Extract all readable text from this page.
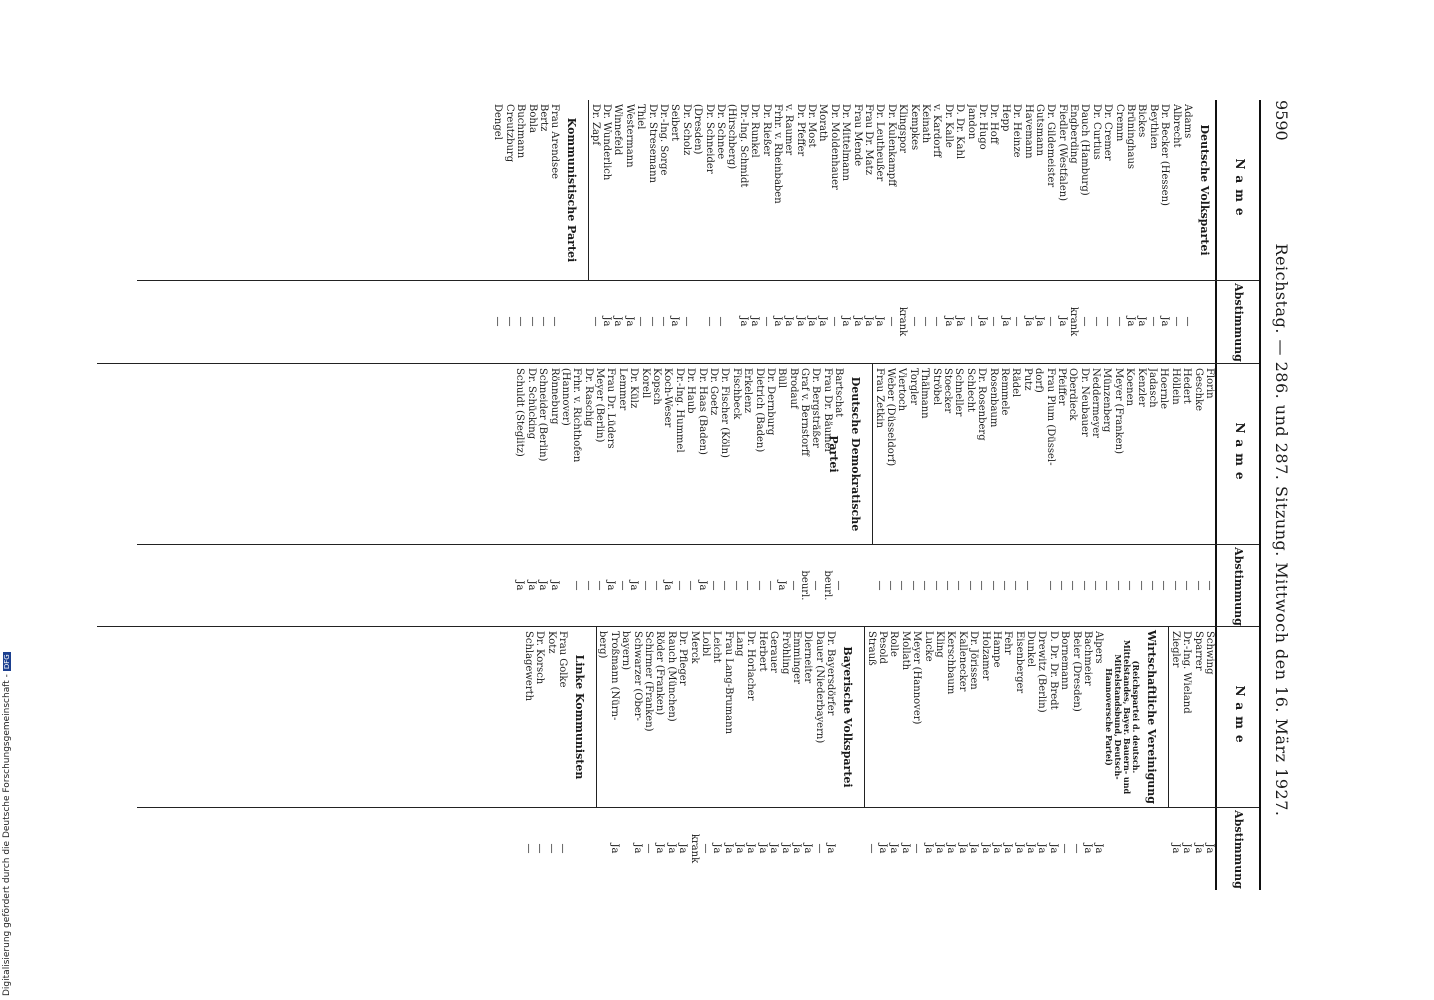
9590
Reichstag. — 286. und 287. Sitzung. Mittwoch den 16. März 1927.
Name
Abstimmung
Deutsche Volkspartei
Adams
—
Albrecht
—
Dr. Becker (Hessen)
Ja
Beythien
—
Bickes
Ja
Brüninghaus
Ja
Cremm
—
Dr. Cremer
—
Dr. Curtius
—
Dauch (Hamburg)
—
Engberding
krank
Fiedler (Westfalen)
Ja
Dr. Gildemeister
—
Gutsmann
Ja
Havemann
Ja
Dr. Heinze
—
Hepp
Ja
Dr. Hoff
—
Dr. Hugo
Ja
Jandon
—
D. Dr. Kahl
Ja
Dr. Kalle
Ja
v. Kardorff
—
Keinath
—
Kempkes
—
Klingspor
krank
Dr. Kulenkampff
—
Dr. Leutheußer
Ja
Frau Dr. Matz
Ja
Frau Mende
Ja
Dr. Mittelmann
Ja
Dr. Moldenhauer
—
Morath
Ja
Dr. Most
Ja
Dr. Pfeffer
Ja
v. Raumer
Ja
Frhr. v. Rheinbaben
Ja
Dr. Rießer
—
Dr. Runkel
Ja
Dr.-Ing. Schmidt
Ja
(Hirschberg)
Dr. Schnee
—
Dr. Schneider
—
(Dresden)
Dr. Scholz
—
Seibert
Ja
Dr.-Ing. Sorge
—
Dr. Stresemann
—
Thiel
—
Westermann
Ja
Winnefeld
Ja
Dr. Wunderlich
Ja
Dr. Zapf
—
Kommunistische Partei
Frau Arendsee
—
Bertz
—
Bohla
—
Buchmann
—
Creutzburg
—
Dengel
—
Name
Abstimmung
Florin
—
Geschke
—
Hedert
—
Höllein
—
Hoernle
—
Jadasch
—
Kenzler
—
Koenen
—
Meyer (Franken)
—
Münzenberg
—
Neddermeyer
—
Dr. Neubauer
—
Oberdieck
—
Pfeiffer
—
Frau Plum (Düssel-
—
dorf)
Putz
—
Rädel
—
Remmele
—
Rosenbaum
—
Dr. Rosenberg
—
Schlecht
—
Schneller
—
Stoecker
—
Ströbel
—
Thälmann
—
Torgler
—
Viertoch
—
Weber (Düsseldorf)
—
Frau Zetkin
—
Deutsche Demokratische Partei
Bartschat
—
Frau Dr. Bäumer
beurl.
Dr. Bergsträßer
—
Graf v. Bernstorff
beurl.
Brodauf
—
Büll
Ja
Dr. Dernburg
—
Dietrich (Baden)
—
Erkelenz
—
Fischbeck
—
Dr. Fischer (Köln)
—
Dr. Goetz
—
Dr. Haas (Baden)
Ja
Dr. Haub
—
Dr.-Ing. Hummel
—
Koch-Weser
Ja
Kopsch
—
Korell
—
Dr. Külz
Ja
Lemmer
—
Frau Dr. Lüders
Ja
Meyer (Berlin)
—
Dr. Raschig
—
Frhr. v. Richthofen
—
(Hannover)
Rönneburg
Ja
Schneider (Berlin)
Ja
Dr. Schücking
Ja
Schuldt (Steglitz)
Ja
Name
Abstimmung
Schwing
Ja
Sparrer
Ja
Dr.-Ing. Wieland
Ja
Ziegler
Ja
Wirtschaftliche Vereinigung
(Reichspartei d. deutsch. Mittelstandes, Bayer. Bauern- und Mittelstandsbund, Deutsch-Hannoversche Partei)
Alpers
Ja
Bachmeier
Ja
Beier (Dresden)
—
Bornemann
—
D. Dr. Dr. Bredt
Ja
Drewitz (Berlin)
Ja
Dunkel
Ja
Eisenberger
Ja
Fehr
Ja
Hampe
Ja
Holzamer
Ja
Dr. Jörissen
Ja
Kallenecker
Ja
Kerschbaum
Ja
Kling
Ja
Lucke
Ja
Meyer (Hannover)
—
Mollath
Ja
Rolle
Ja
Pesold
Ja
Strauß
—
Bayerische Volkspartei
Dr. Bayersdörfer
Ja
Dauer (Niederbayern)
—
Dierneiter
Ja
Emminger
Ja
Fröhling
Ja
Gerauer
Ja
Herbert
Ja
Dr. Horlacher
Ja
Lang
Ja
Frau Lang-Brumann
Ja
Leicht
Ja
Loibl
—
Merck
krank
Dr. Pfleger
Ja
Rauch (München)
Ja
Röder (Franken)
Ja
Schirmer (Franken)
—
Schwarzer (Ober-
Ja
bayern)
Troßmann (Nürn-
Ja
berg)
Linke Kommunisten
Frau Golke
—
Kotz
—
Dr. Korsch
—
Schlagewerth
—
Digitalisierung gefördert durch die Deutsche Forschungsgemeinschaft -DFG
